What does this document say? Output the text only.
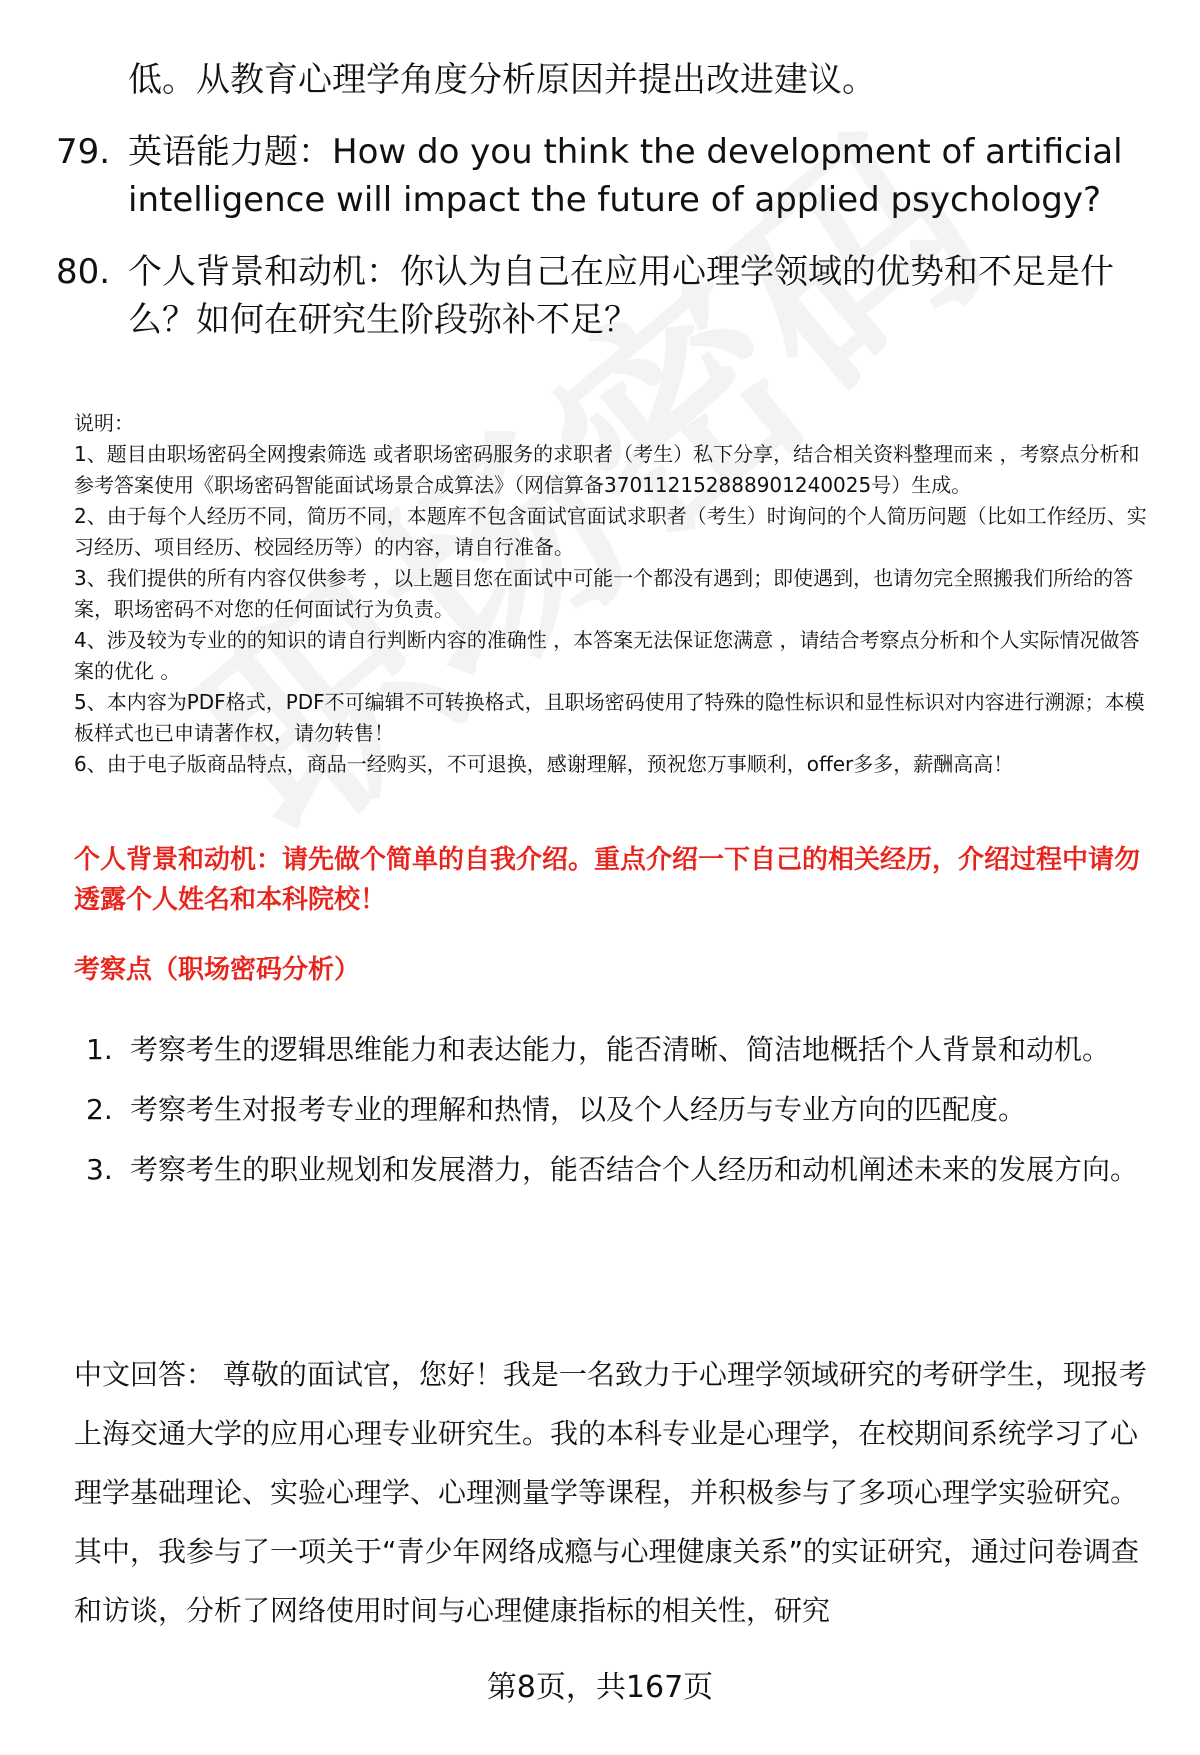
低。从教育心理学角度分析原因并提出改进建议。
79. 英语能力题：How do you think the development of artificial intelligence will impact the future of applied psychology?
80. 个人背景和动机：你认为自己在应用心理学领域的优势和不足是什么？如何在研究生阶段弥补不足？

说明：

1、题目由职场密码全网搜索筛选 或者职场密码服务的求职者（考生）私下分享，结合相关资料整理而来 ，考察点分析和参考答案使用《职场密码智能面试场景合成算法》（网信算备370112152888901240025号）生成。

2、由于每个人经历不同，简历不同，本题库不包含面试官面试求职者（考生）时询问的个人简历问题（比如工作经历、实习经历、项目经历、校园经历等）的内容，请自行准备。

3、我们提供的所有内容仅供参考 ，以上题目您在面试中可能一个都没有遇到；即使遇到，也请勿完全照搬我们所给的答案，职场密码不对您的任何面试行为负责。

4、涉及较为专业的的知识的请自行判断内容的准确性 ，本答案无法保证您满意 ，请结合考察点分析和个人实际情况做答案的优化 。

5、本内容为PDF格式，PDF不可编辑不可转换格式，且职场密码使用了特殊的隐性标识和显性标识对内容进行溯源；本模板样式也已申请著作权，请勿转售！

6、由于电子版商品特点，商品一经购买，不可退换，感谢理解，预祝您万事顺利，offer多多，薪酬高高！

个人背景和动机：请先做个简单的自我介绍。重点介绍一下自己的相关经历，介绍过程中请勿透露个人姓名和本科院校！
考察点（职场密码分析）
1. 考察考生的逻辑思维能力和表达能力，能否清晰、简洁地概括个人背景和动机。
2. 考察考生对报考专业的理解和热情，以及个人经历与专业方向的匹配度。
3. 考察考生的职业规划和发展潜力，能否结合个人经历和动机阐述未来的发展方向。

中文回答： 尊敬的面试官，您好！我是一名致力于心理学领域研究的考研学生，现报考上海交通大学的应用心理专业研究生。我的本科专业是心理学，在校期间系统学习了心理学基础理论、实验心理学、心理测量学等课程，并积极参与了多项心理学实验研究。其中，我参与了一项关于“青少年网络成瘾与心理健康关系”的实证研究，通过问卷调查和访谈，分析了网络使用时间与心理健康指标的相关性，研究

第8页，共167页
